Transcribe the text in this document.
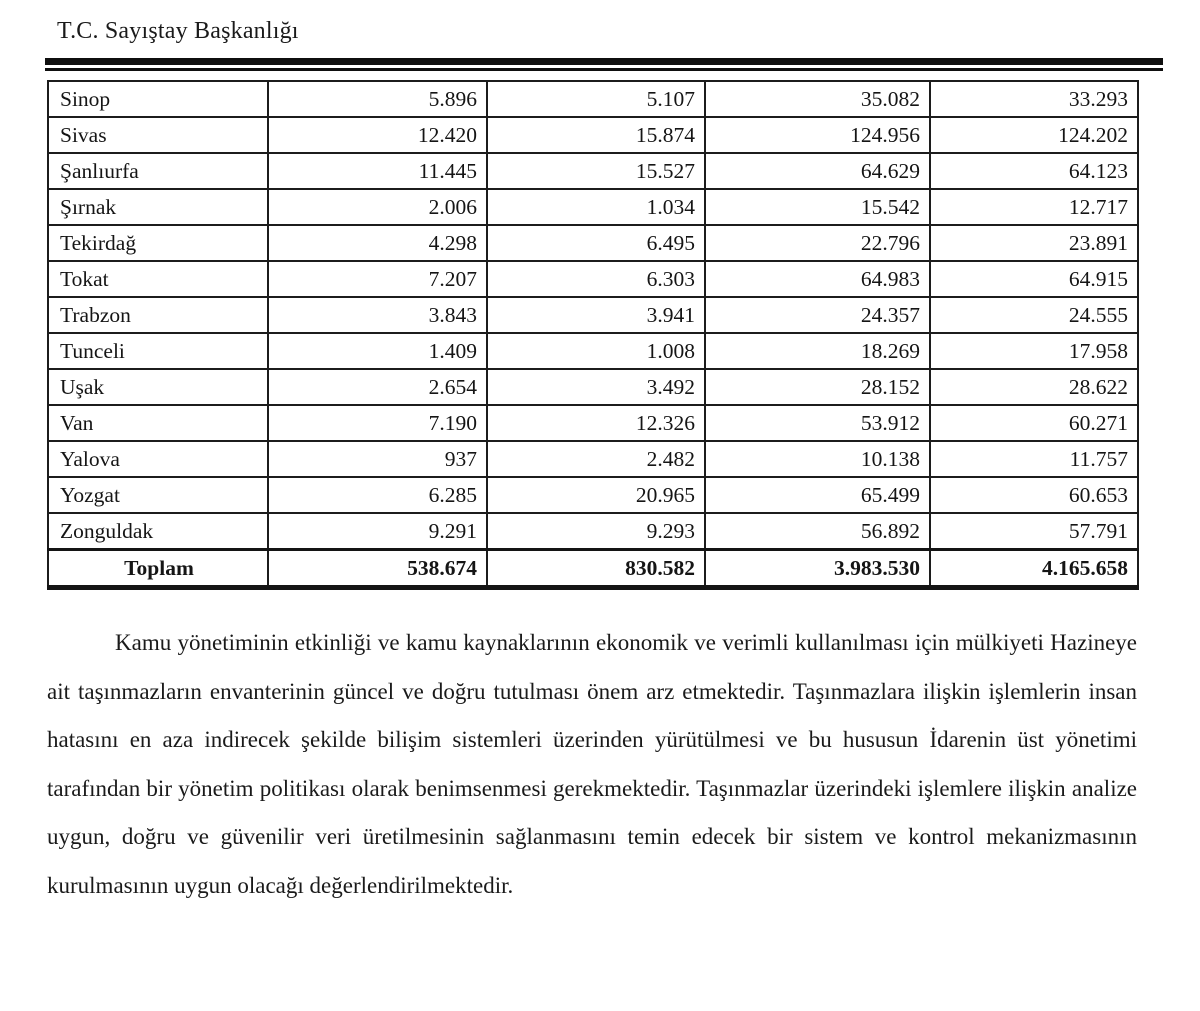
T.C. Sayıştay Başkanlığı
Sinop	5.896	5.107	35.082	33.293
Sivas	12.420	15.874	124.956	124.202
Şanlıurfa	11.445	15.527	64.629	64.123
Şırnak	2.006	1.034	15.542	12.717
Tekirdağ	4.298	6.495	22.796	23.891
Tokat	7.207	6.303	64.983	64.915
Trabzon	3.843	3.941	24.357	24.555
Tunceli	1.409	1.008	18.269	17.958
Uşak	2.654	3.492	28.152	28.622
Van	7.190	12.326	53.912	60.271
Yalova	937	2.482	10.138	11.757
Yozgat	6.285	20.965	65.499	60.653
Zonguldak	9.291	9.293	56.892	57.791
Toplam	538.674	830.582	3.983.530	4.165.658

Kamu yönetiminin etkinliği ve kamu kaynaklarının ekonomik ve verimli kullanılması için mülkiyeti Hazineye ait taşınmazların envanterinin güncel ve doğru tutulması önem arz etmektedir. Taşınmazlara ilişkin işlemlerin insan hatasını en aza indirecek şekilde bilişim sistemleri üzerinden yürütülmesi ve bu hususun İdarenin üst yönetimi tarafından bir yönetim politikası olarak benimsenmesi gerekmektedir. Taşınmazlar üzerindeki işlemlere ilişkin analize uygun, doğru ve güvenilir veri üretilmesinin sağlanmasını temin edecek bir sistem ve kontrol mekanizmasının kurulmasının uygun olacağı değerlendirilmektedir.
